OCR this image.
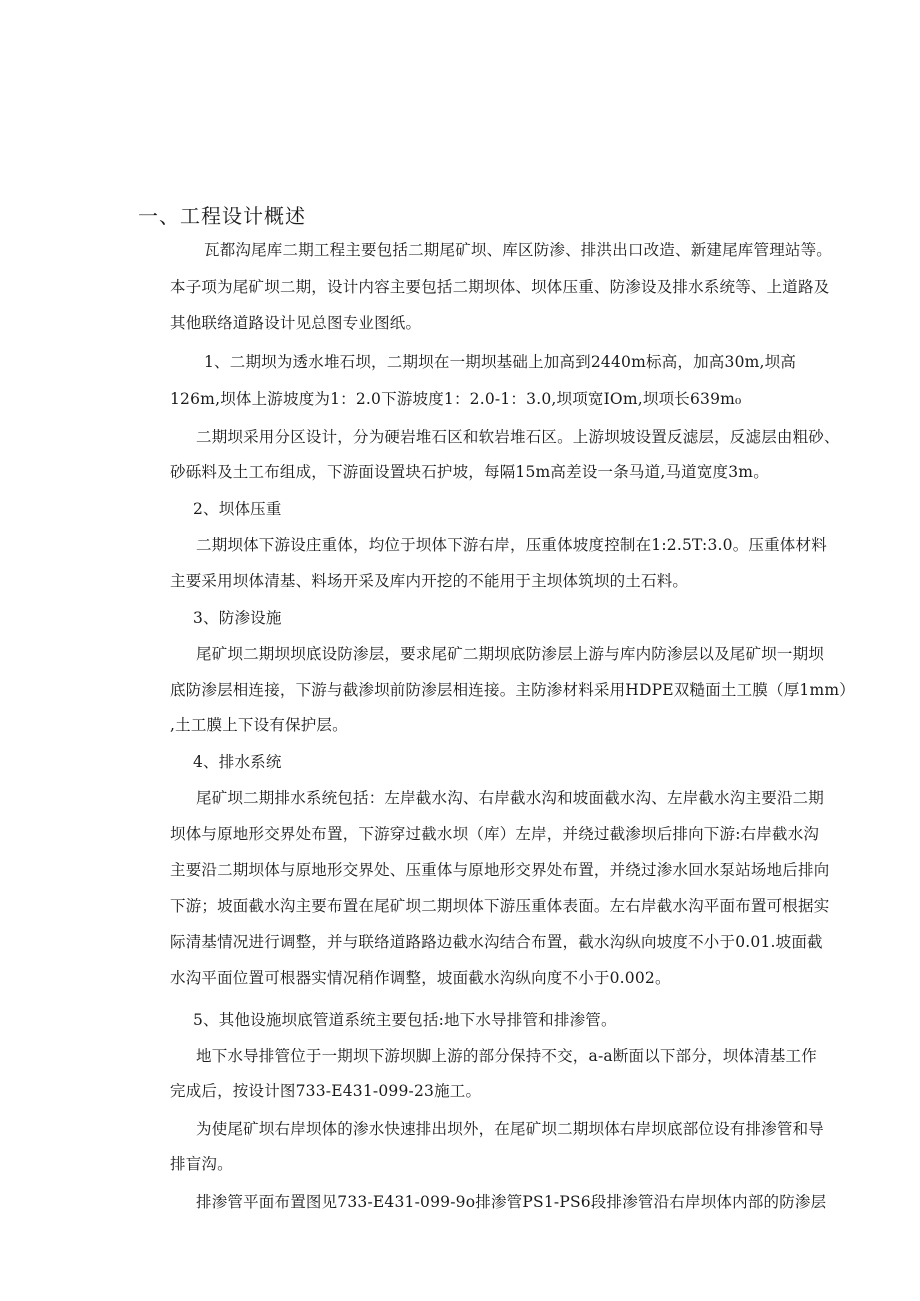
一、工程设计概述
瓦都沟尾库二期工程主要包括二期尾矿坝、库区防渗、排洪出口改造、新建尾库管理站等。
本子项为尾矿坝二期，设计内容主要包括二期坝体、坝体压重、防渗设及排水系统等、上道路及
其他联络道路设计见总图专业图纸。
1、二期坝为透水堆石坝，二期坝在一期坝基础上加高到2440m标高，加高30m,坝高
126m,坝体上游坡度为1：2.0下游坡度1：2.0-1：3.0,坝项宽IOm,坝项长639m₀
二期坝采用分区设计，分为硬岩堆石区和软岩堆石区。上游坝坡设置反滤层，反滤层由粗砂、
砂砾料及土工布组成，下游面设置块石护坡，每隔15m高差设一条马道,马道宽度3m。
2、坝体压重
二期坝体下游设庄重体，均位于坝体下游右岸，压重体坡度控制在1:2.5T:3.0。压重体材料
主要采用坝体清基、料场开采及库内开挖的不能用于主坝体筑坝的土石料。
3、防渗设施
尾矿坝二期坝坝底设防渗层，要求尾矿二期坝底防渗层上游与库内防渗层以及尾矿坝一期坝
底防渗层相连接，下游与截渗坝前防渗层相连接。主防渗材料采用HDPE双糙面土工膜（厚1mm）
,土工膜上下设有保护层。
4、排水系统
尾矿坝二期排水系统包括：左岸截水沟、右岸截水沟和坡面截水沟、左岸截水沟主要沿二期
坝体与原地形交界处布置，下游穿过截水坝（库）左岸，并绕过截渗坝后排向下游:右岸截水沟
主要沿二期坝体与原地形交界处、压重体与原地形交界处布置，并绕过渗水回水泵站场地后排向
下游；坡面截水沟主要布置在尾矿坝二期坝体下游压重体表面。左右岸截水沟平面布置可根据实
际清基情况进行调整，并与联络道路路边截水沟结合布置，截水沟纵向坡度不小于0.01.坡面截
水沟平面位置可根器实情况稍作调整，坡面截水沟纵向度不小于0.002。
5、其他设施坝底管道系统主要包括:地下水导排管和排渗管。
地下水导排管位于一期坝下游坝脚上游的部分保持不交，a-a断面以下部分，坝体清基工作
完成后，按设计图733-E431-099-23施工。
为使尾矿坝右岸坝体的渗水快速排出坝外，在尾矿坝二期坝体右岸坝底部位设有排渗管和导
排盲沟。
排渗管平面布置图见733-E431-099-9o排渗管PS1-PS6段排渗管沿右岸坝体内部的防渗层
